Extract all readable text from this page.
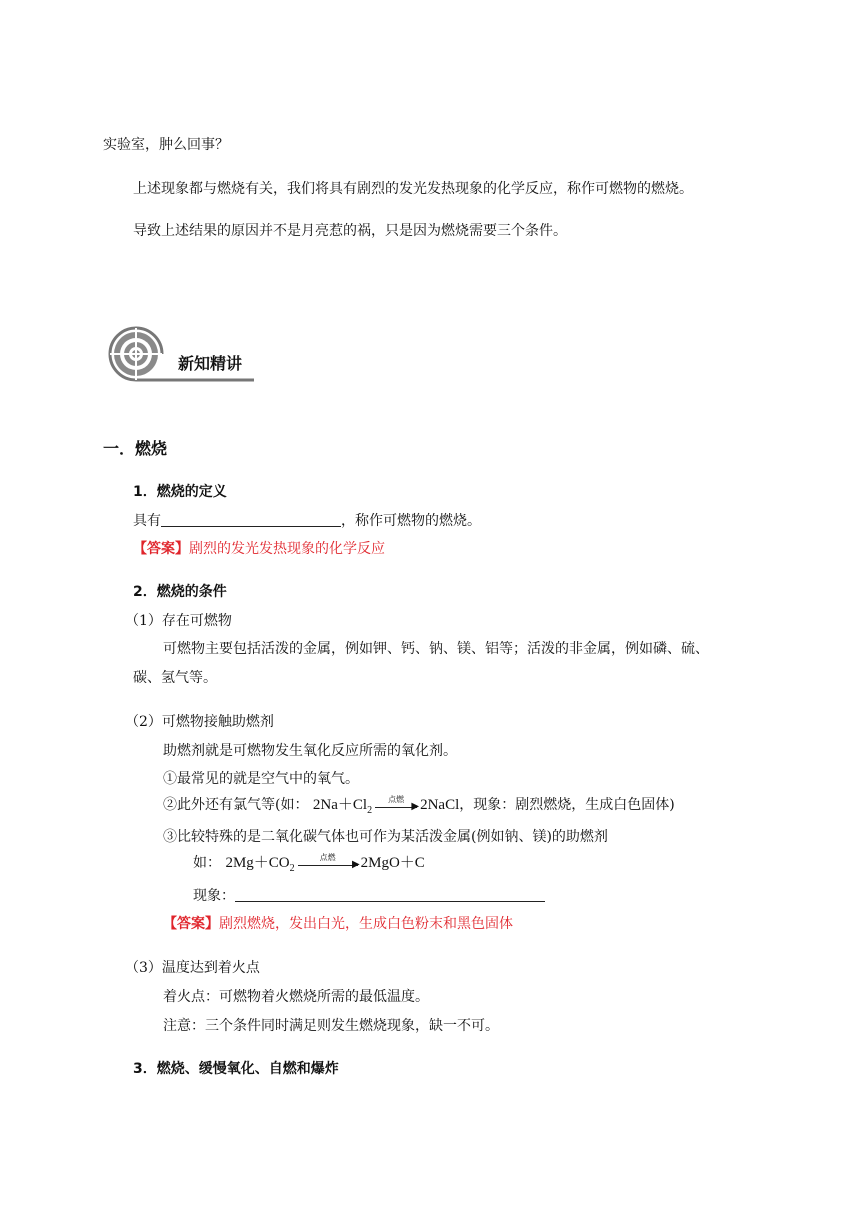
实验室，肿么回事？
上述现象都与燃烧有关，我们将具有剧烈的发光发热现象的化学反应，称作可燃物的燃烧。
导致上述结果的原因并不是月亮惹的祸，只是因为燃烧需要三个条件。
新知精讲
一．燃烧
1．燃烧的定义
具有	，称作可燃物的燃烧。
【答案】剧烈的发光发热现象的化学反应
2．燃烧的条件
（1）存在可燃物
可燃物主要包括活泼的金属，例如钾、钙、钠、镁、铝等；活泼的非金属，例如磷、硫、
碳、氢气等。
（2）可燃物接触助燃剂
助燃剂就是可燃物发生氧化反应所需的氧化剂。
①最常见的就是空气中的氧气。
②此外还有氯气等(如： $2Na+Cl_2$
点燃
▶ 2NaCl，现象：剧烈燃烧，生成白色固体)
③比较特殊的是二氧化碳气体也可作为某活泼金属(例如钠、镁)的助燃剂
如： $2Mg+CO_2$
点燃
▶ 2MgO＋C
现象：
【答案】剧烈燃烧，发出白光，生成白色粉末和黑色固体
（3）温度达到着火点
着火点：可燃物着火燃烧所需的最低温度。
注意：三个条件同时满足则发生燃烧现象，缺一不可。
3．燃烧、缓慢氧化、自燃和爆炸
